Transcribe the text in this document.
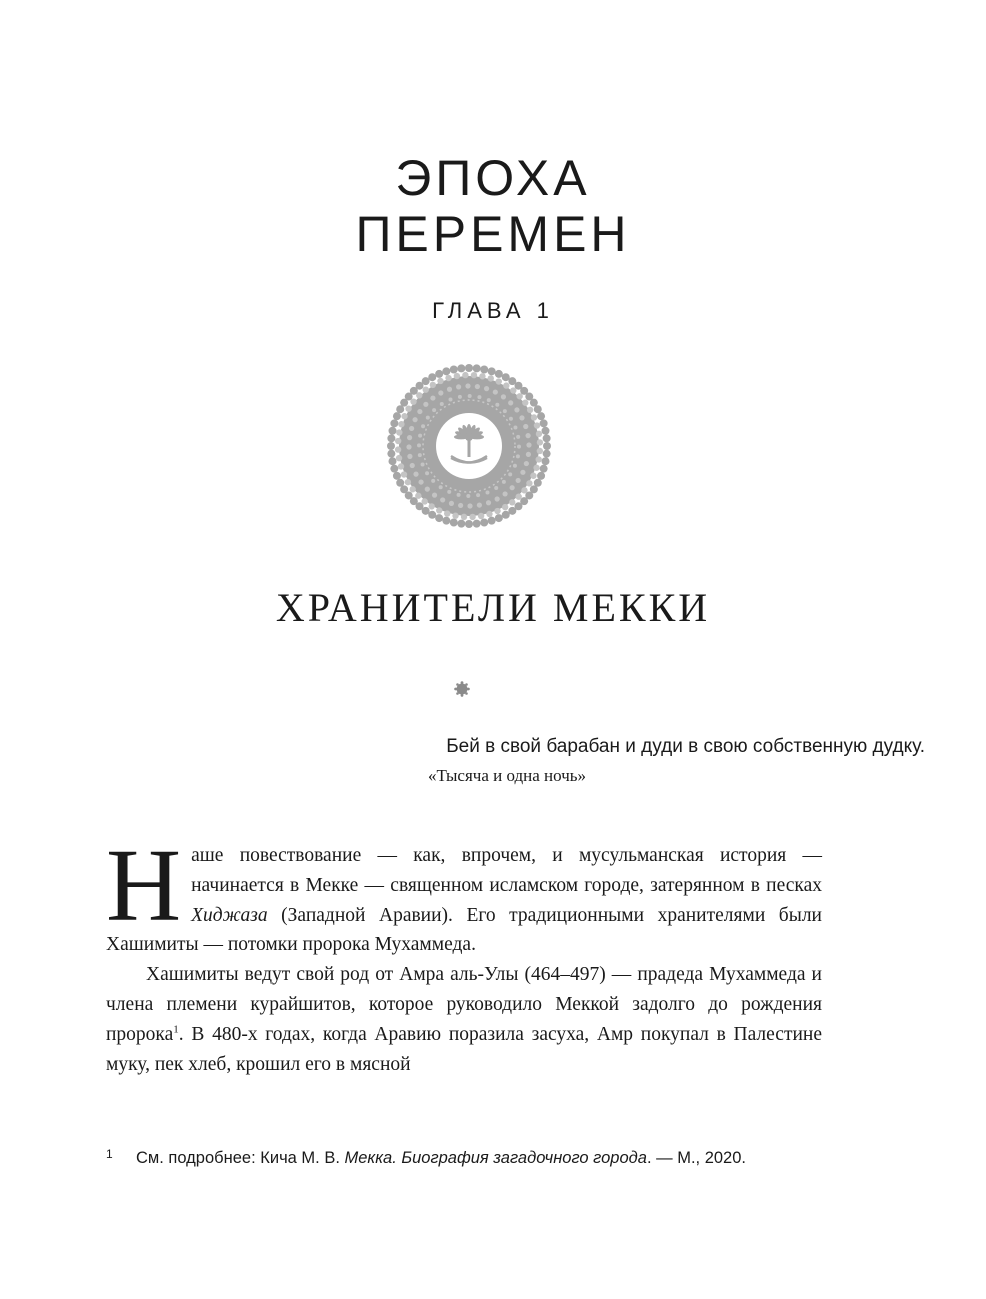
ЭПОХА
ПЕРЕМЕН
ГЛАВА 1
ХРАНИТЕЛИ МЕККИ
Бей в свой барабан и дуди в свою собственную дудку.
«Тысяча и одна ночь»
Н аше повествование — как, впрочем, и мусульманская история — начинается в Мекке — священном исламском городе, затерянном в песках Хиджаза (Западной Аравии). Его традиционными хранителями были Хашимиты — потомки пророка Мухаммеда.

Хашимиты ведут свой род от Амра аль-Улы (464–497) — прадеда Мухаммеда и члена племени курайшитов, которое руководило Меккой задолго до рождения пророка$^1$. В 480-х годах, когда Аравию поразила засуха, Амр покупал в Палестине муку, пек хлеб, крошил его в мясной

1 См. подробнее: Кича М. В. Мекка. Биография загадочного города. — М., 2020.
